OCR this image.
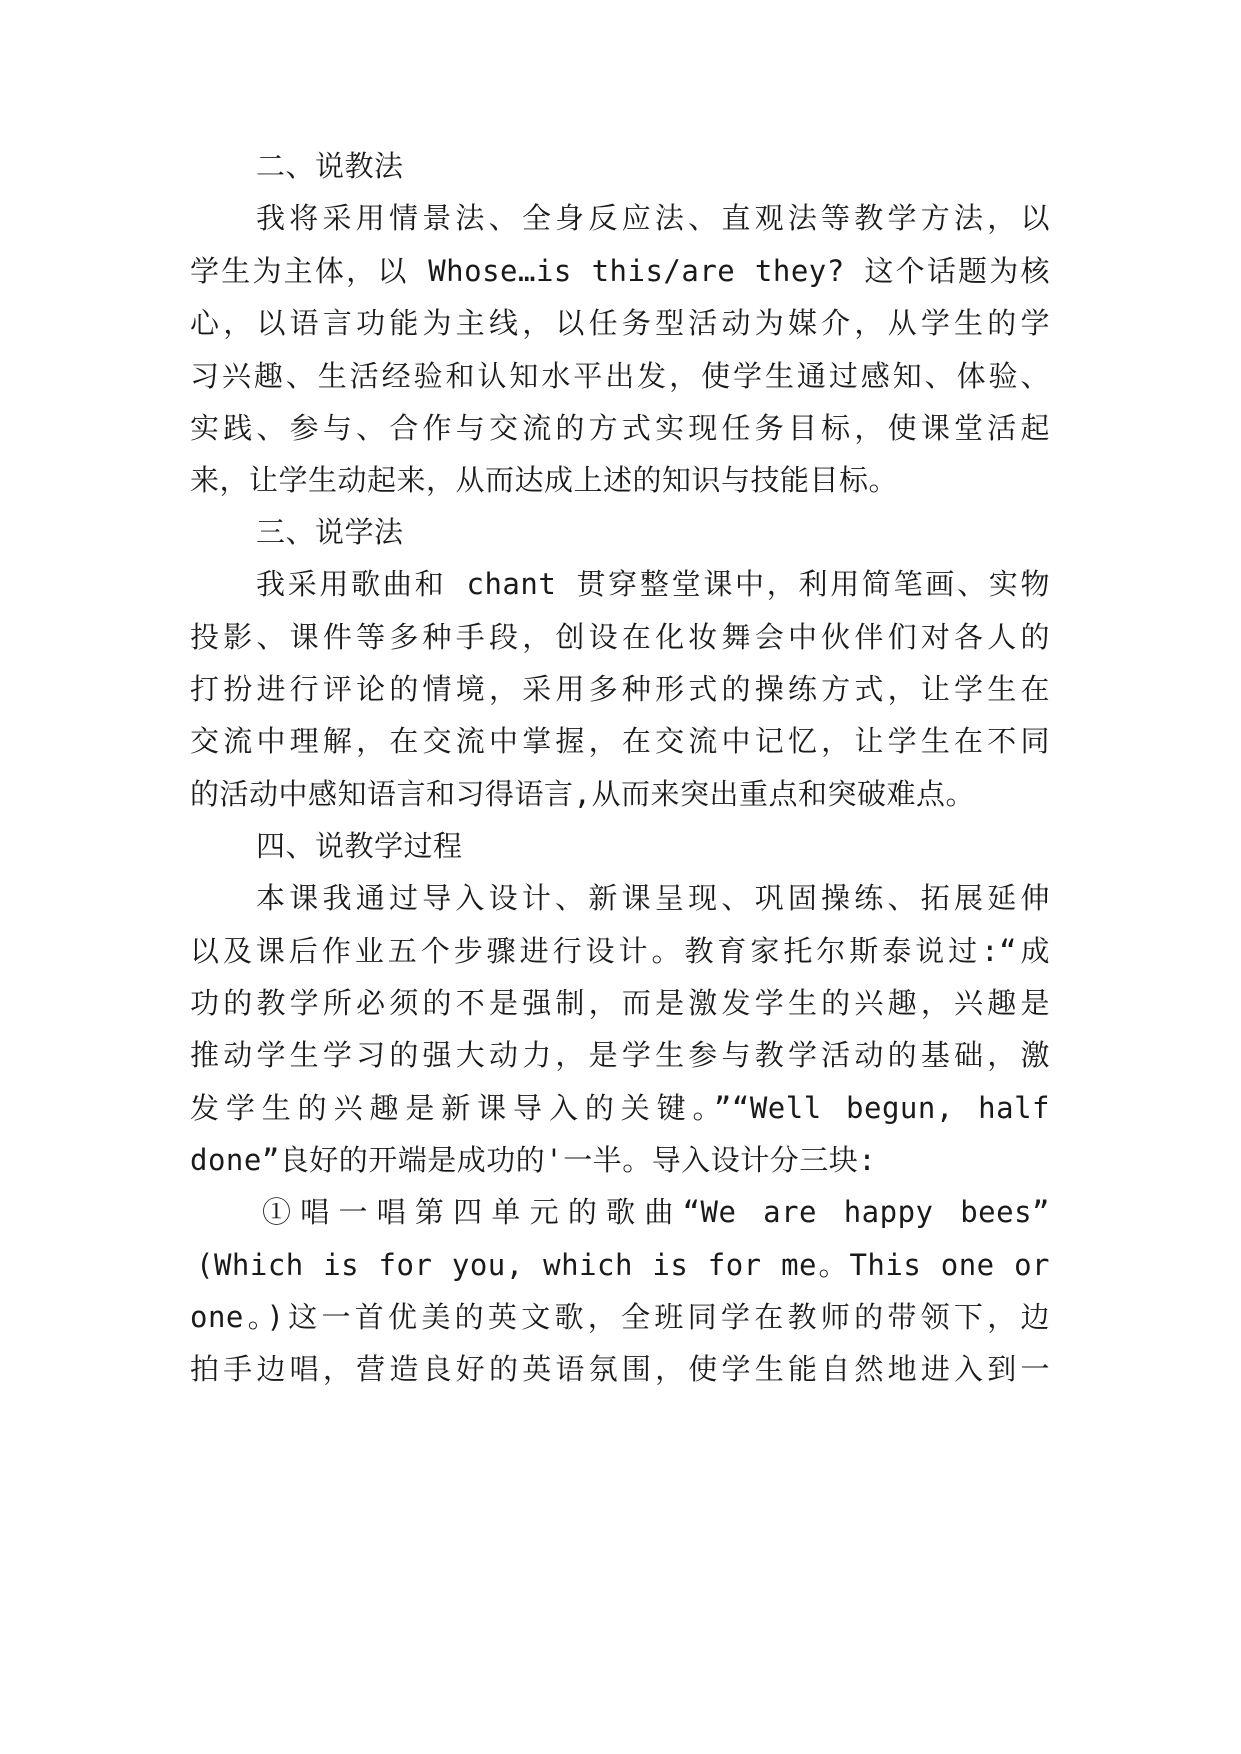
二、说教法
我将采用情景法、全身反应法、直观法等教学方法，以
学生为主体，以 Whose…is this/are they? 这个话题为核
心，以语言功能为主线，以任务型活动为媒介，从学生的学
习兴趣、生活经验和认知水平出发，使学生通过感知、体验、
实践、参与、合作与交流的方式实现任务目标，使课堂活起
来，让学生动起来，从而达成上述的知识与技能目标。
三、说学法
我采用歌曲和 chant 贯穿整堂课中，利用简笔画、实物
投影、课件等多种手段，创设在化妆舞会中伙伴们对各人的
打扮进行评论的情境，采用多种形式的操练方式，让学生在
交流中理解，在交流中掌握，在交流中记忆，让学生在不同
的活动中感知语言和习得语言,从而来突出重点和突破难点。
四、说教学过程
本课我通过导入设计、新课呈现、巩固操练、拓展延伸
以及课后作业五个步骤进行设计。教育家托尔斯泰说过:“成
功的教学所必须的不是强制，而是激发学生的兴趣，兴趣是
推动学生学习的强大动力，是学生参与教学活动的基础，激
发学生的兴趣是新课导入的关键。”“Well begun, half
done”良好的开端是成功的'一半。导入设计分三块:
①唱一唱第四单元的歌曲“We are happy bees”
(Which is for you, which is for me。This one or
one。)这一首优美的英文歌，全班同学在教师的带领下，边
拍手边唱，营造良好的英语氛围，使学生能自然地进入到一
